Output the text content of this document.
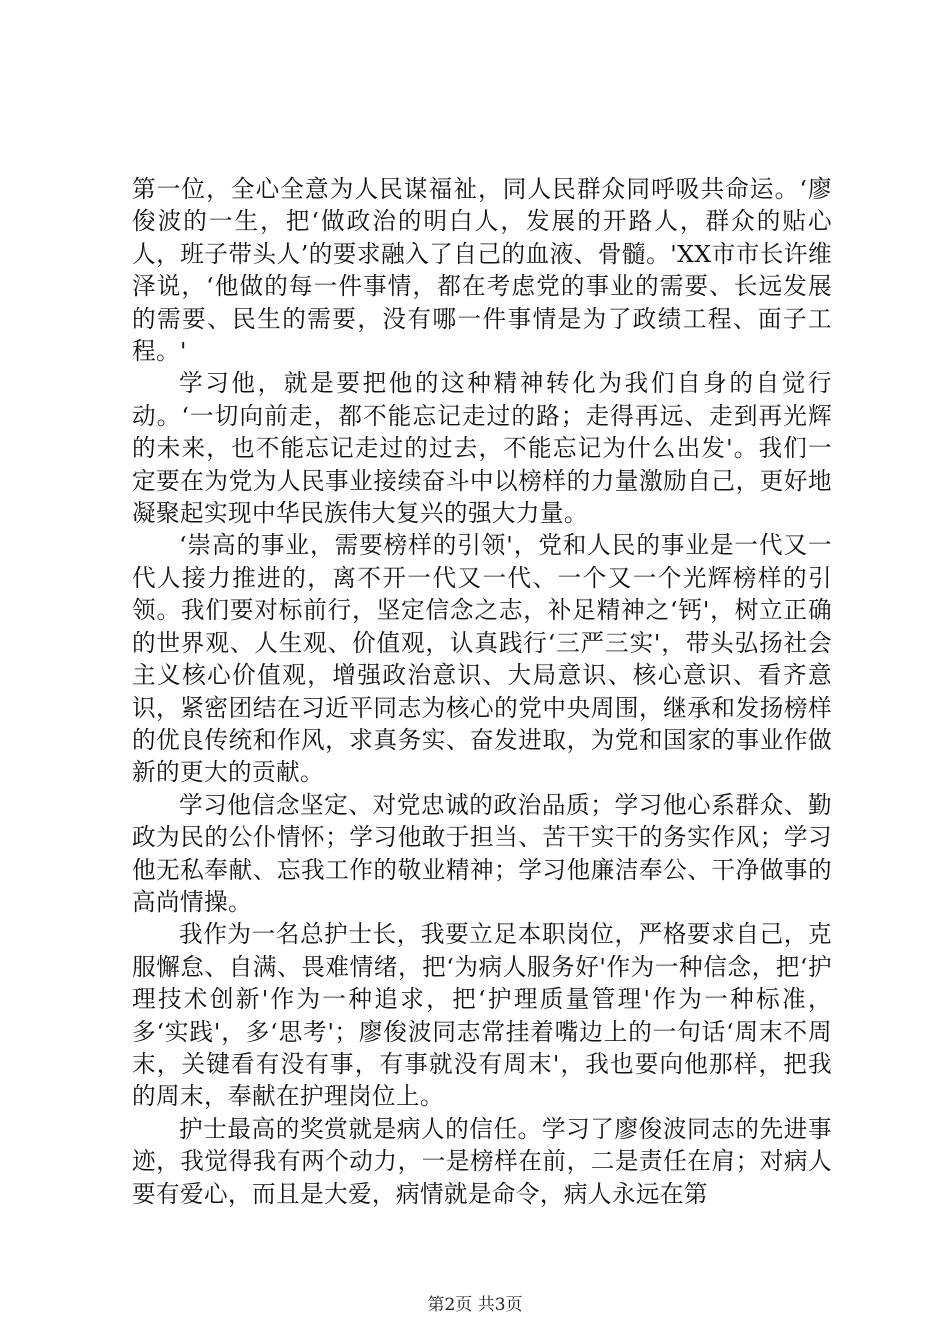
第一位，全心全意为人民谋福祉，同人民群众同呼吸共命运。‘廖俊波的一生，把‘做政治的明白人，发展的开路人，群众的贴心人，班子带头人’的要求融入了自己的血液、骨髓。'XX市市长许维泽说，‘他做的每一件事情，都在考虑党的事业的需要、长远发展的需要、民生的需要，没有哪一件事情是为了政绩工程、面子工程。'

学习他，就是要把他的这种精神转化为我们自身的自觉行动。‘一切向前走，都不能忘记走过的路；走得再远、走到再光辉的未来，也不能忘记走过的过去，不能忘记为什么出发'。我们一定要在为党为人民事业接续奋斗中以榜样的力量激励自己，更好地凝聚起实现中华民族伟大复兴的强大力量。

‘崇高的事业，需要榜样的引领'，党和人民的事业是一代又一代人接力推进的，离不开一代又一代、一个又一个光辉榜样的引领。我们要对标前行，坚定信念之志，补足精神之‘钙'，树立正确的世界观、人生观、价值观，认真践行‘三严三实'，带头弘扬社会主义核心价值观，增强政治意识、大局意识、核心意识、看齐意识，紧密团结在习近平同志为核心的党中央周围，继承和发扬榜样的优良传统和作风，求真务实、奋发进取，为党和国家的事业作做新的更大的贡献。

学习他信念坚定、对党忠诚的政治品质；学习他心系群众、勤政为民的公仆情怀；学习他敢于担当、苦干实干的务实作风；学习他无私奉献、忘我工作的敬业精神；学习他廉洁奉公、干净做事的高尚情操。

我作为一名总护士长，我要立足本职岗位，严格要求自己，克服懈怠、自满、畏难情绪，把‘为病人服务好'作为一种信念，把‘护理技术创新'作为一种追求，把‘护理质量管理'作为一种标准，多‘实践'，多‘思考'；廖俊波同志常挂着嘴边上的一句话‘周末不周末，关键看有没有事，有事就没有周末'，我也要向他那样，把我的周末，奉献在护理岗位上。

护士最高的奖赏就是病人的信任。学习了廖俊波同志的先进事迹，我觉得我有两个动力，一是榜样在前，二是责任在肩；对病人要有爱心，而且是大爱，病情就是命令，病人永远在第

第2页 共3页
